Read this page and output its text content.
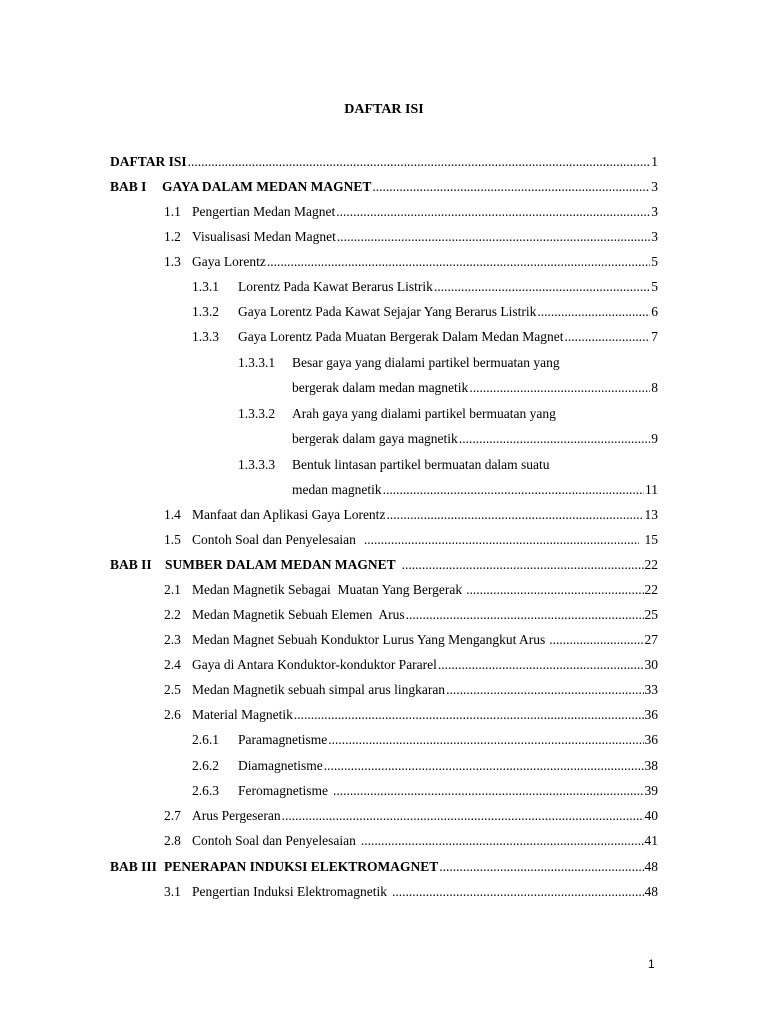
DAFTAR ISI
DAFTAR ISI .....	1
BAB I	GAYA DALAM MEDAN MAGNET .....	3
1.1 Pengertian Medan Magnet .....	3
1.2 Visualisasi Medan Magnet .....	3
1.3 Gaya Lorentz .....	5
1.3.1	Lorentz Pada Kawat Berarus Listrik .....	5
1.3.2	Gaya Lorentz Pada Kawat Sejajar Yang Berarus Listrik .....	6
1.3.3	Gaya Lorentz Pada Muatan Bergerak Dalam Medan Magnet .....	7
1.3.3.1 Besar gaya yang dialami partikel bermuatan yang
bergerak dalam medan magnetik .....	8
1.3.3.2 Arah gaya yang dialami partikel bermuatan yang
bergerak dalam gaya magnetik .....	9
1.3.3.3 Bentuk lintasan partikel bermuatan dalam suatu
medan magnetik .....	11
1.4 Manfaat dan Aplikasi Gaya Lorentz .....	13
1.5 Contoh Soal dan Penyelesaian .....	15
BAB II SUMBER DALAM MEDAN MAGNET .....	22
2.1 Medan Magnetik Sebagai  Muatan Yang Bergerak .....	22
2.2 Medan Magnetik Sebuah Elemen  Arus .....	25
2.3 Medan Magnet Sebuah Konduktor Lurus Yang Mengangkut Arus .....	27
2.4 Gaya di Antara Konduktor-konduktor Pararel .....	30
2.5 Medan Magnetik sebuah simpal arus lingkaran .....	33
2.6 Material Magnetik .....	36
2.6.1	Paramagnetisme .....	36
2.6.2	Diamagnetisme .....	38
2.6.3	Feromagnetisme .....	39
2.7 Arus Pergeseran .....	40
2.8 Contoh Soal dan Penyelesaian .....	41
BAB III PENERAPAN INDUKSI ELEKTROMAGNET .....	48
3.1 Pengertian Induksi Elektromagnetik .....	48
1
